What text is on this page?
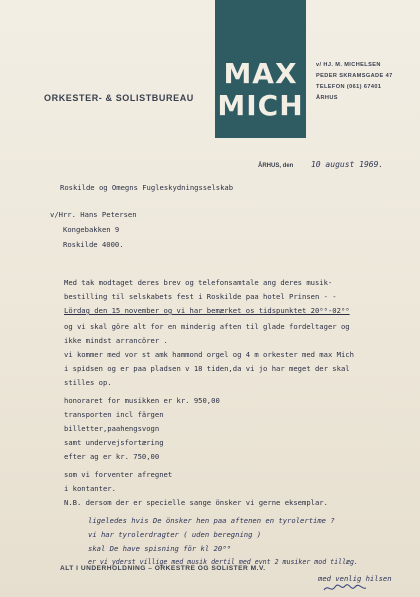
MAX
MICH
ORKESTER- & SOLISTBUREAU
v/ HJ. M. MICHELSEN
PEDER SKRAMSGADE 47
TELEFON (061) 67401
ÅRHUS
ÅRHUS, den 10 august 1969.
Roskilde og Omegns Fugleskydningsselskab
v/Hrr. Hans Petersen
Kongebakken 9
Roskilde 4000.
Med tak modtaget deres brev og telefonsamtale ang deres musik-
bestilling til selskabets fest i Roskilde paa hotel Prinsen - -
Lördag den 15 november og vi har bemærket os tidspunktet 20⁰⁰-02⁰⁰
og vi skal göre alt for en minderig aften til glade fordeltager og
ikke mindst arrancörer .
vi kommer med vor st amk hammond orgel og 4 m orkester med max Mich
i spidsen og er paa pladsen v 18 tiden,da vi jo har meget der skal
stilles op.
honoraret for musikken er kr. 950,00
transporten incl färgen
billetter,paahengsvogn
samt undervejsfortæring
efter ag er kr. 750,00
som vi forventer afregnet
i kontanter.
N.B. dersom der er specielle sange önsker vi gerne eksemplar.
ligeledes hvis De önsker hen paa aftenen en tyrolertime ?
vi har tyrolerdragter ( uden beregning )
skal De have spisning för kl 20⁰⁰
er vi yderst villige med musik dertil med evnt 2 musiker mod tillæg.
ALT I UNDERHOLDNING – ORKESTRE OG SOLISTER M.V.
med venlig hilsen
